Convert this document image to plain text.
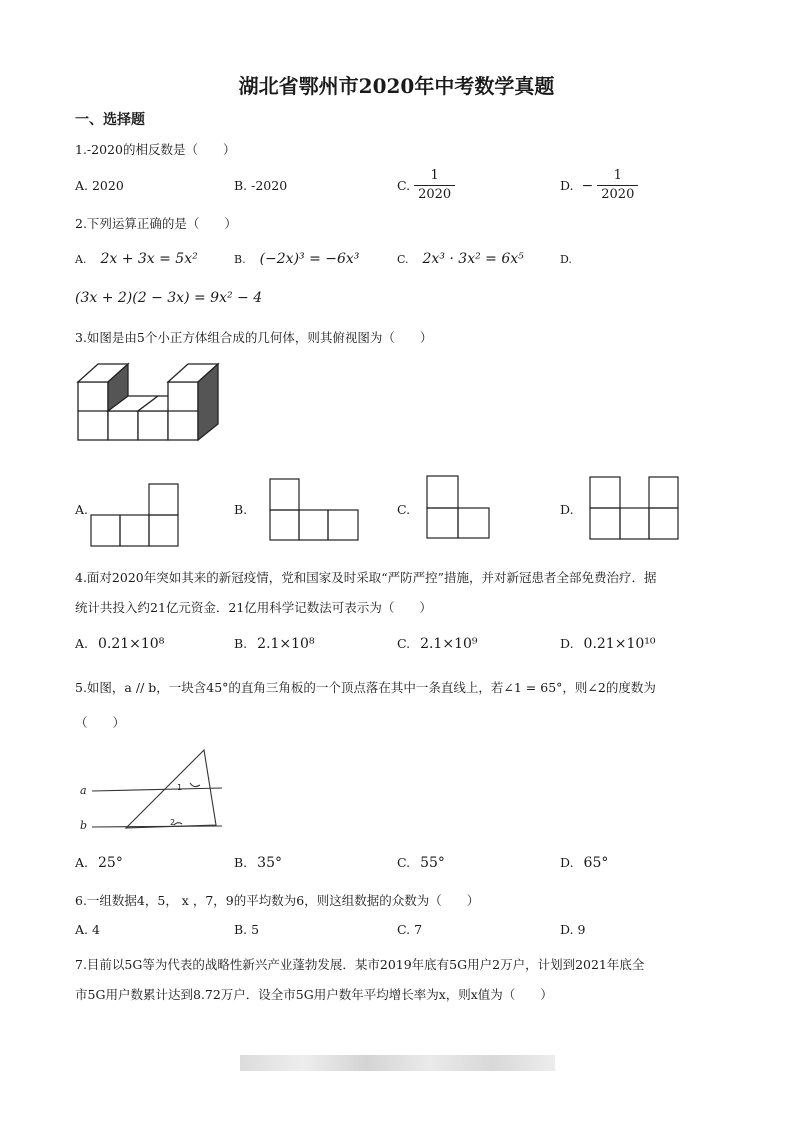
湖北省鄂州市2020年中考数学真题
一、选择题
1.-2020的相反数是（　　）
A. 2020	B. -2020	C. $\frac{1}{2020}$	D. − $\frac{1}{2020}$
2.下列运算正确的是（　　）
A. 2x + 3x = 5x²	B. (−2x)³ = −6x³	C. 2x³ · 3x² = 6x⁵	D.
(3x + 2)(2 − 3x) = 9x² − 4
3.如图是由5个小正方体组合成的几何体，则其俯视图为（　　）
A.	B.	C.	D.
4.面对2020年突如其来的新冠疫情，党和国家及时采取“严防严控”措施，并对新冠患者全部免费治疗．据
统计共投入约21亿元资金．21亿用科学记数法可表示为（　　）
A. 0.21×10⁸	B. 2.1×10⁸	C. 2.1×10⁹	D. 0.21×10¹⁰
5.如图，a // b，一块含45°的直角三角板的一个顶点落在其中一条直线上，若∠1 = 65°，则∠2的度数为
（　　）
a
b
1
2
A. 25°	B. 35°	C. 55°	D. 65°
6.一组数据4，5， x ，7，9的平均数为6，则这组数据的众数为（　　）
A. 4	B. 5	C. 7	D. 9
7.目前以5G等为代表的战略性新兴产业蓬勃发展．某市2019年底有5G用户2万户，计划到2021年底全
市5G用户数累计达到8.72万户．设全市5G用户数年平均增长率为x，则x值为（　　）
